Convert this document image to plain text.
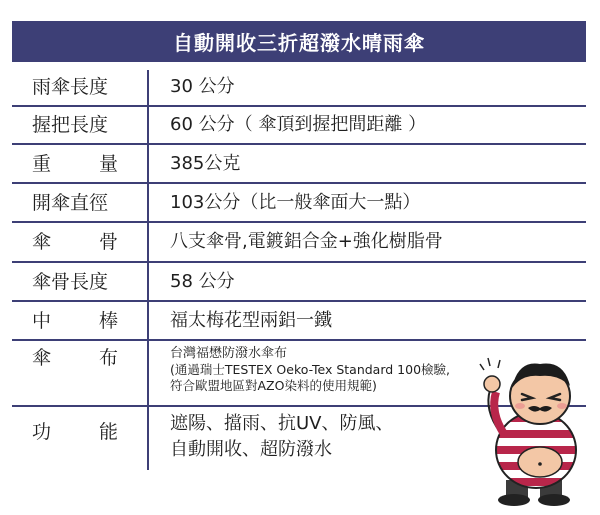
自動開收三折超潑水晴雨傘
雨傘長度	30 公分
握把長度	60 公分（ 傘頂到握把間距離 ）
重	量	385公克
開傘直徑	103公分（比一般傘面大一點）
傘	骨	八支傘骨,電鍍鋁合金+強化樹脂骨
傘骨長度	58 公分
中	棒	福太梅花型兩鋁一鐵
傘	布	台灣福懋防潑水傘布
(通過瑞士TESTEX Oeko-Tex Standard 100檢驗,
符合歐盟地區對AZO染料的使用規範)
功	能	遮陽、擋雨、抗UV、防風、
自動開收、超防潑水
